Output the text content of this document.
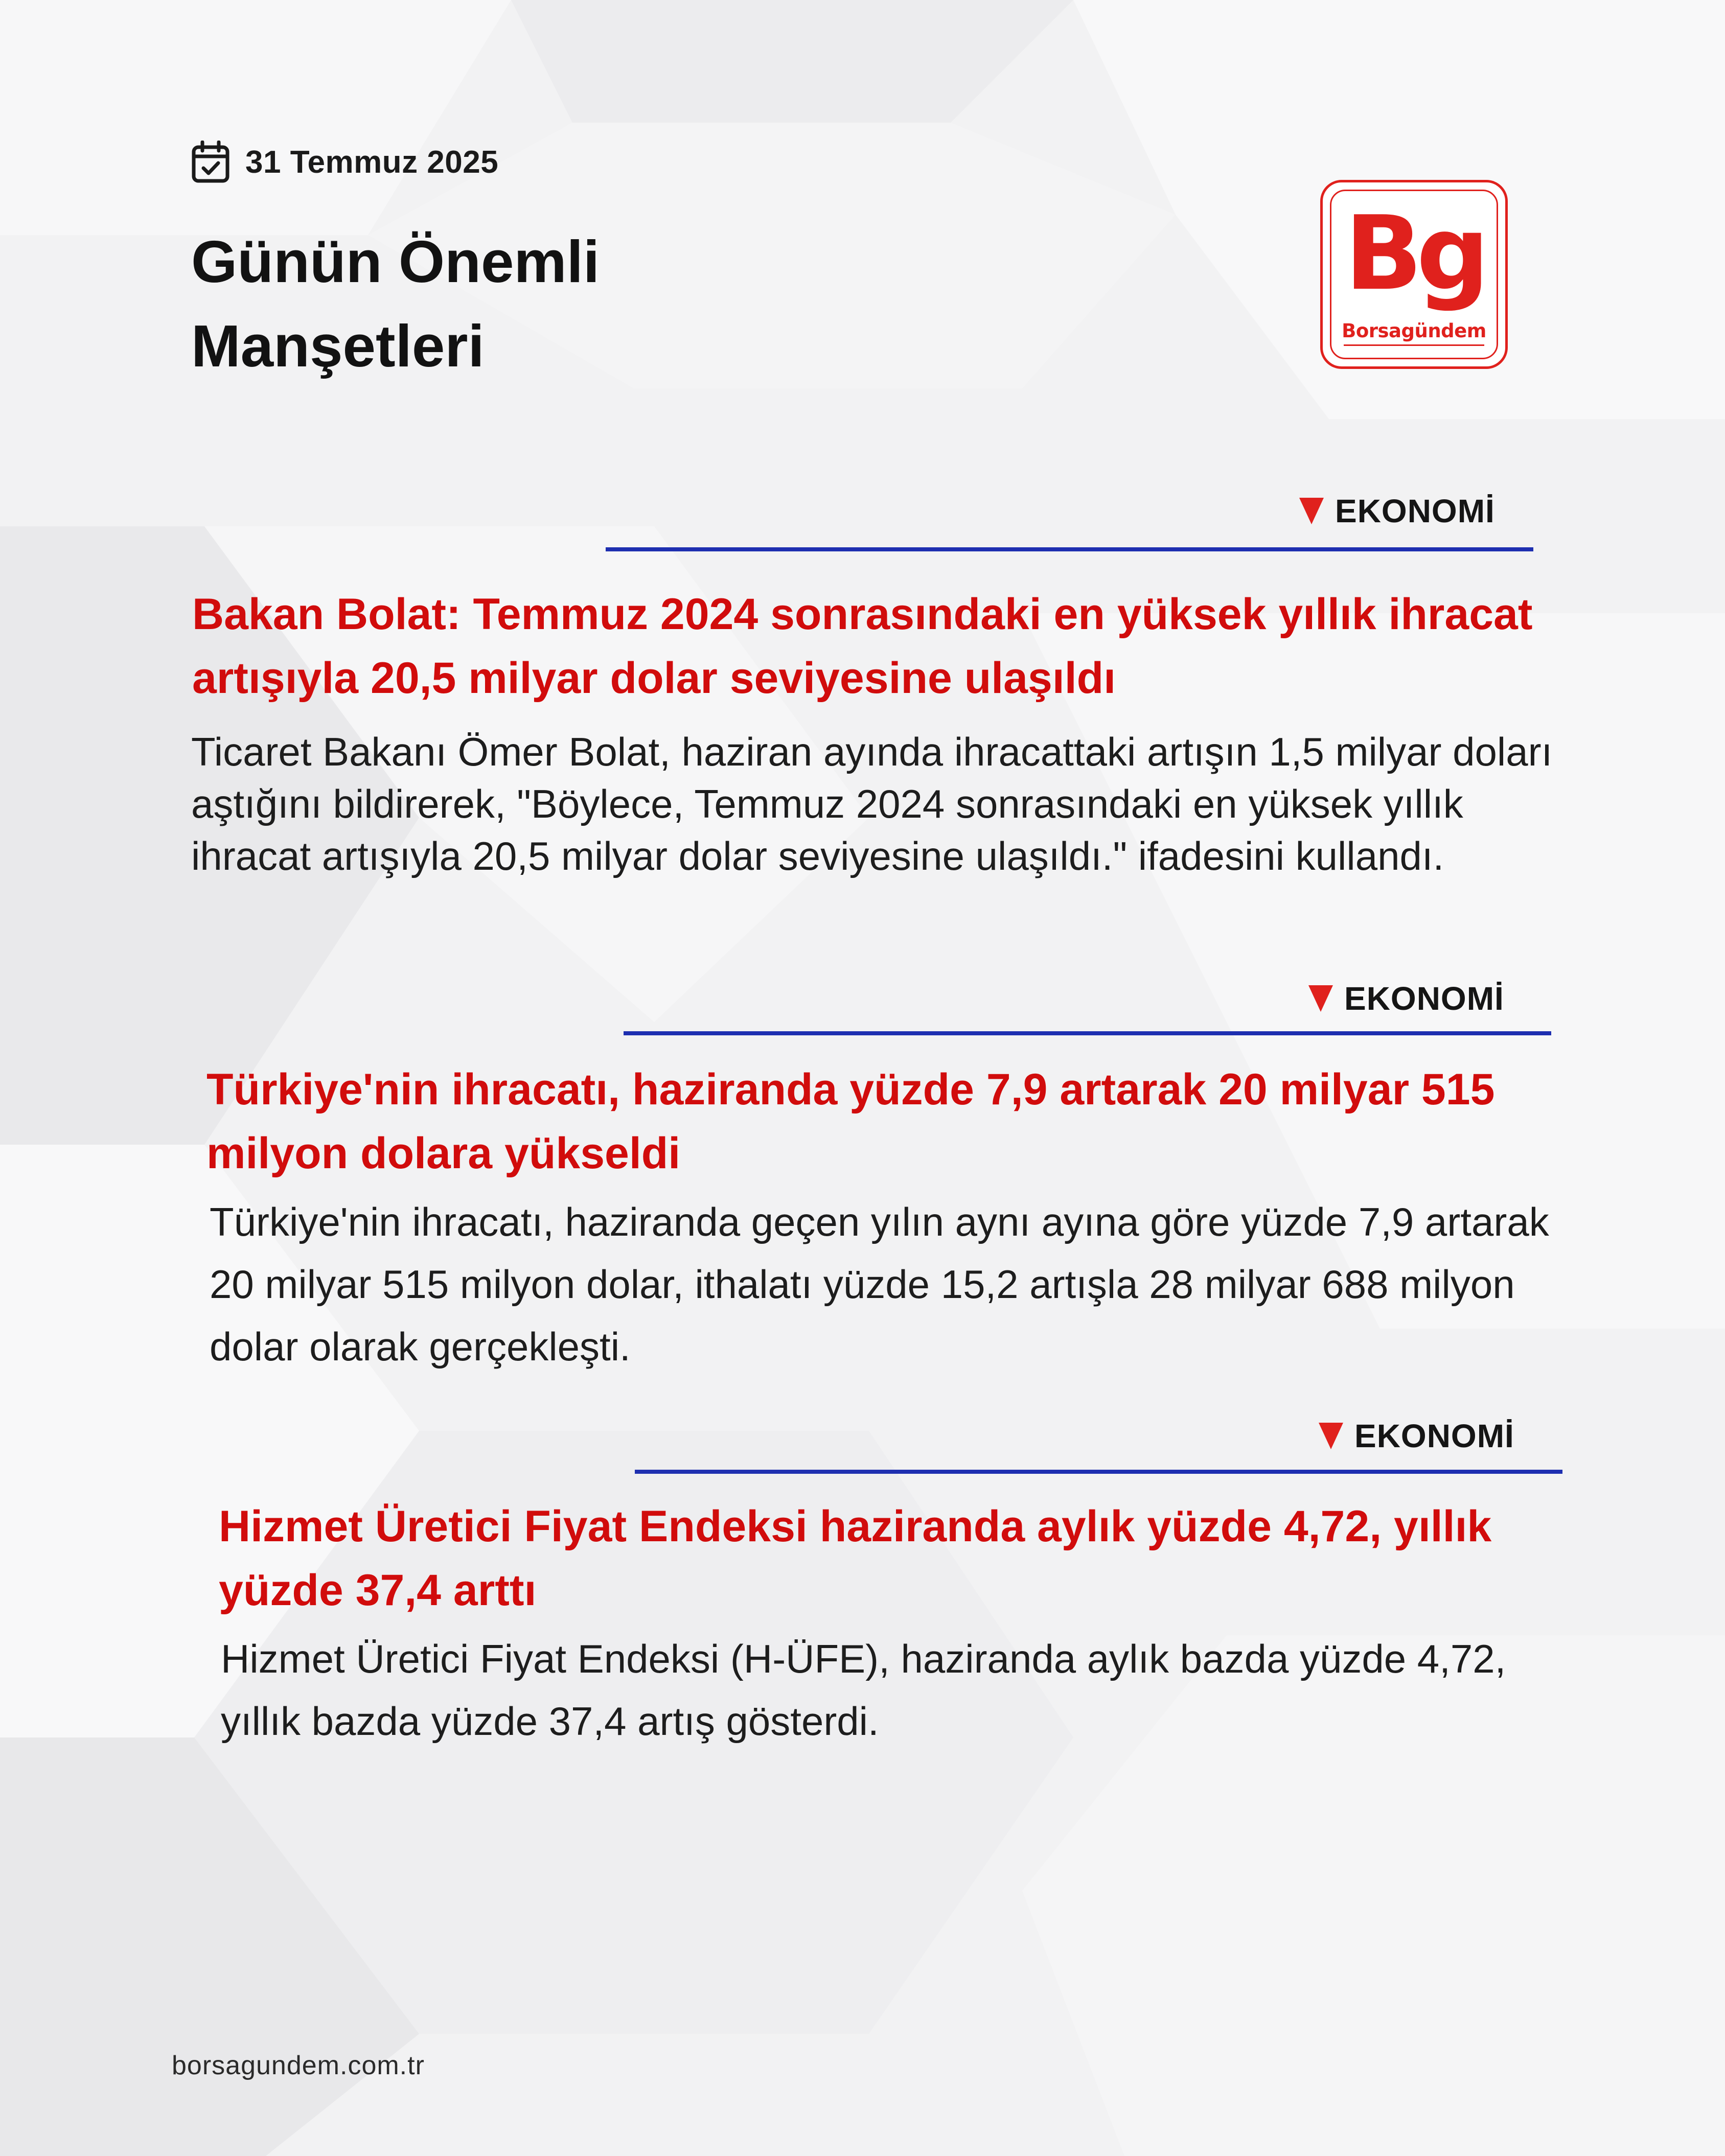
31 Temmuz 2025
Günün Önemli Manşetleri
Bg
Borsagündem
EKONOMİ
Bakan Bolat: Temmuz 2024 sonrasındaki en yüksek yıllık ihracat artışıyla 20,5 milyar dolar seviyesine ulaşıldı

Ticaret Bakanı Ömer Bolat, haziran ayında ihracattaki artışın 1,5 milyar doları aştığını bildirerek, "Böylece, Temmuz 2024 sonrasındaki en yüksek yıllık ihracat artışıyla 20,5 milyar dolar seviyesine ulaşıldı." ifadesini kullandı.

EKONOMİ
Türkiye'nin ihracatı, haziranda yüzde 7,9 artarak 20 milyar 515 milyon dolara yükseldi

Türkiye'nin ihracatı, haziranda geçen yılın aynı ayına göre yüzde 7,9 artarak 20 milyar 515 milyon dolar, ithalatı yüzde 15,2 artışla 28 milyar 688 milyon dolar olarak gerçekleşti.

EKONOMİ
Hizmet Üretici Fiyat Endeksi haziranda aylık yüzde 4,72, yıllık yüzde 37,4 arttı

Hizmet Üretici Fiyat Endeksi (H-ÜFE), haziranda aylık bazda yüzde 4,72, yıllık bazda yüzde 37,4 artış gösterdi.

borsagundem.com.tr
